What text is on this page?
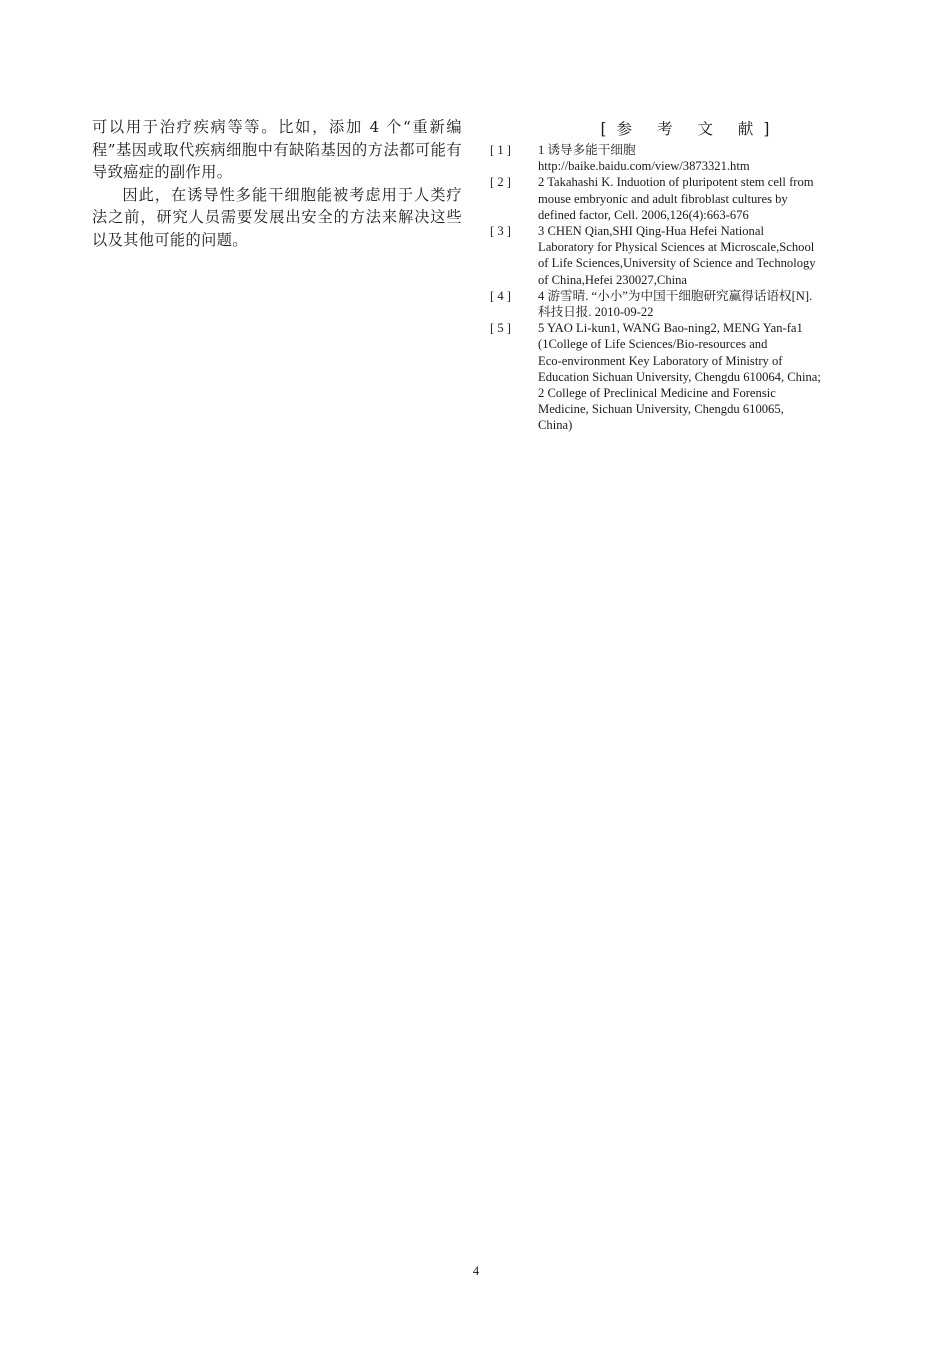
可以用于治疗疾病等等。比如，添加 4 个“重新编程”基因或取代疾病细胞中有缺陷基因的方法都可能有导致癌症的副作用。

因此，在诱导性多能干细胞能被考虑用于人类疗法之前，研究人员需要发展出安全的方法来解决这些以及其他可能的问题。

[参 考 文 献]
[ 1 ]	1 诱导多能干细胞
http://baike.baidu.com/view/3873321.htm
[ 2 ]	2 Takahashi K. Induotion of pluripotent stem cell from
mouse embryonic and adult fibroblast cultures by
defined factor, Cell. 2006,126(4):663-676
[ 3 ]	3 CHEN Qian,SHI Qing-Hua Hefei National
Laboratory for Physical Sciences at Microscale,School
of Life Sciences,University of Science and Technology
of China,Hefei 230027,China
[ 4 ]	4 游雪晴. “小小”为中国干细胞研究赢得话语权[N].
科技日报. 2010-09-22
[ 5 ]	5 YAO Li-kun1, WANG Bao-ning2, MENG Yan-fa1
(1College of Life Sciences/Bio-resources and
Eco-environment Key Laboratory of Ministry of
Education Sichuan University, Chengdu 610064, China;
2 College of Preclinical Medicine and Forensic
Medicine, Sichuan University, Chengdu 610065,
China)
4
